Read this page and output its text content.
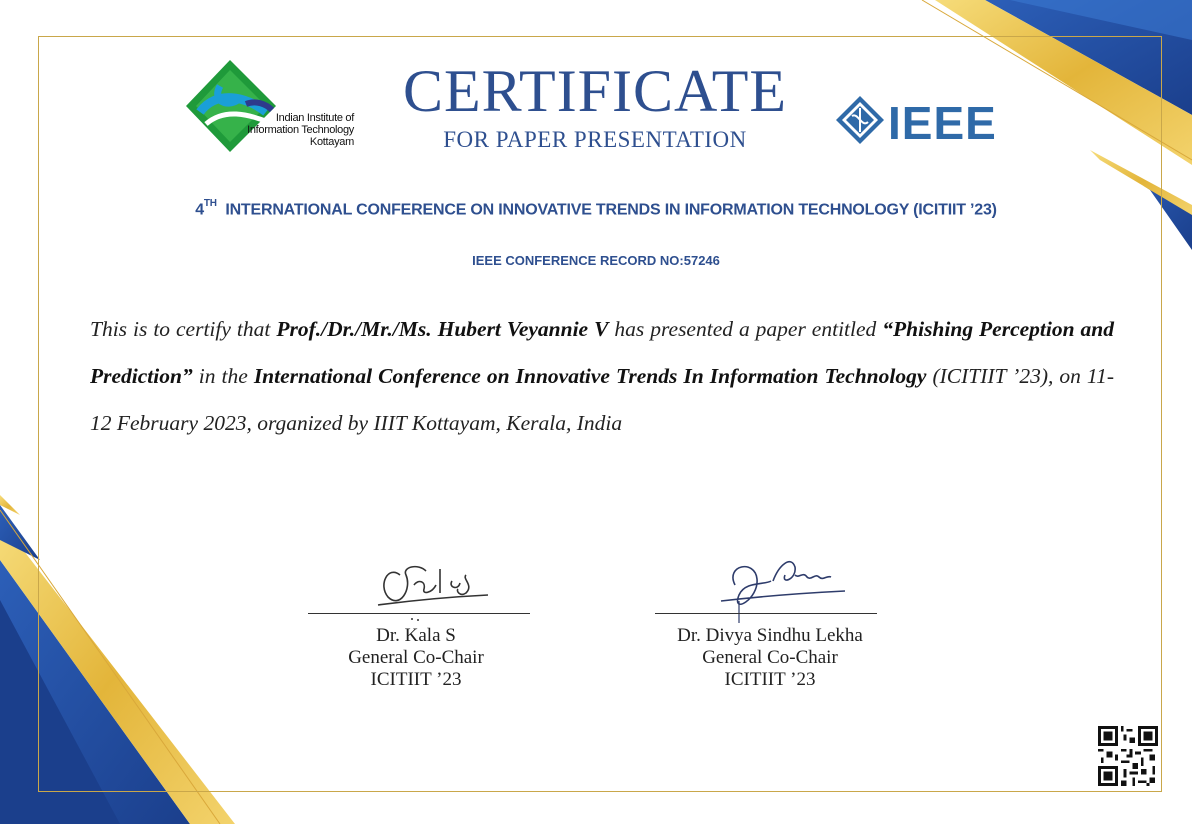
Indian Institute of
Information Technology
Kottayam
CERTIFICATE
FOR PAPER PRESENTATION	IEEE
4TH INTERNATIONAL CONFERENCE ON INNOVATIVE TRENDS IN INFORMATION TECHNOLOGY (ICITIIT ’23)
IEEE CONFERENCE RECORD NO:57246
This is to certify that Prof./Dr./Mr./Ms. Hubert Veyannie V has presented a paper entitled “Phishing Perception and Prediction” in the International Conference on Innovative Trends In Information Technology (ICITIIT ’23), on 11-12 February 2023, organized by IIIT Kottayam, Kerala, India
Dr. Kala S
General Co-Chair
ICITIIT ’23
Dr. Divya Sindhu Lekha
General Co-Chair
ICITIIT ’23
